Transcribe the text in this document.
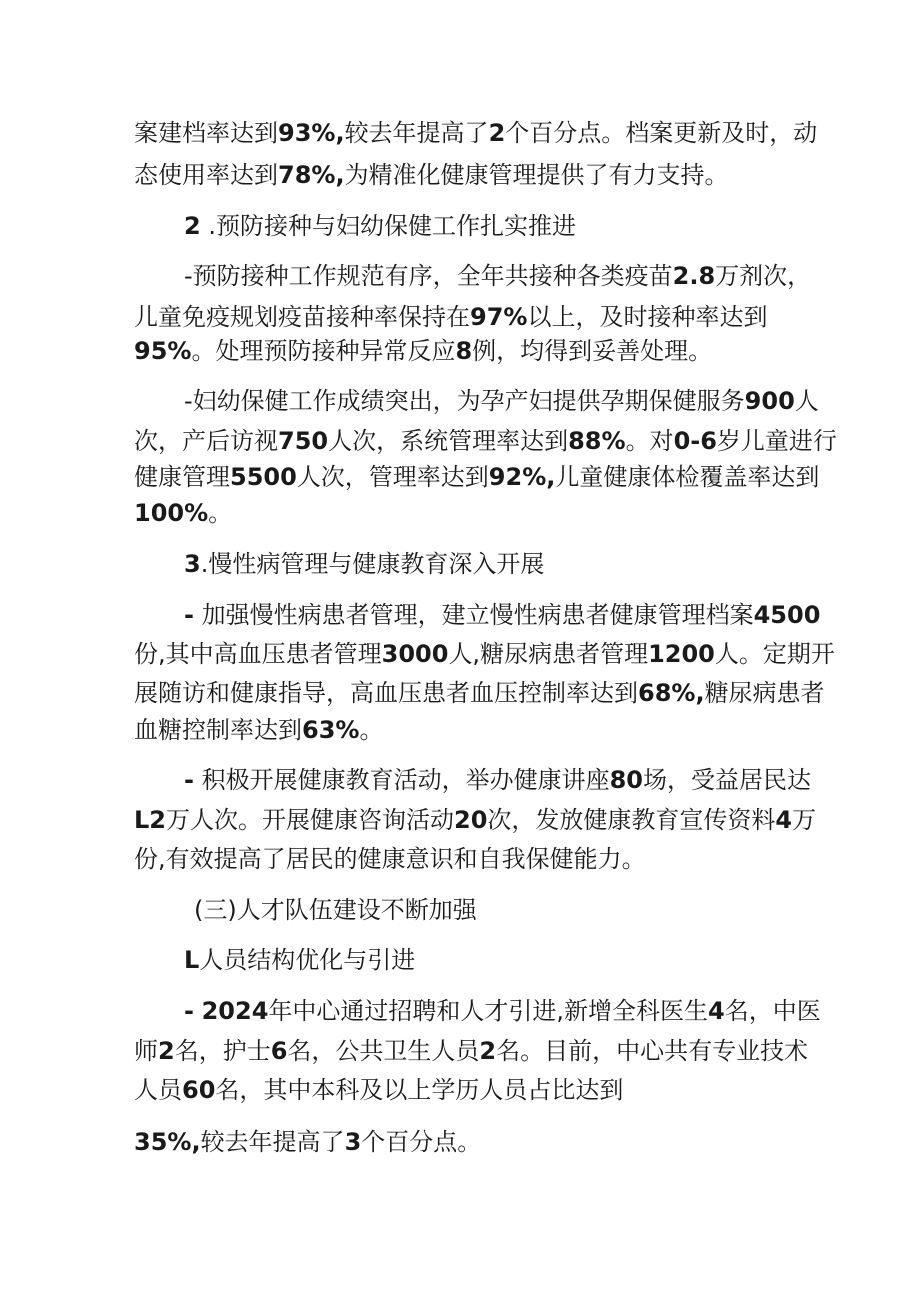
案建档率达到93%,较去年提高了2个百分点。档案更新及时，动

态使用率达到78%,为精准化健康管理提供了有力支持。

2 .预防接种与妇幼保健工作扎实推进

-预防接种工作规范有序，全年共接种各类疫苗2.8万剂次，

儿童免疫规划疫苗接种率保持在97%以上，及时接种率达到

95%。处理预防接种异常反应8例，均得到妥善处理。

-妇幼保健工作成绩突出，为孕产妇提供孕期保健服务900人

次，产后访视750人次，系统管理率达到88%。对0-6岁儿童进行

健康管理5500人次，管理率达到92%,儿童健康体检覆盖率达到

100%。

3.慢性病管理与健康教育深入开展

- 加强慢性病患者管理，建立慢性病患者健康管理档案4500

份,其中高血压患者管理3000人,糖尿病患者管理1200人。定期开

展随访和健康指导，高血压患者血压控制率达到68%,糖尿病患者

血糖控制率达到63%。

- 积极开展健康教育活动，举办健康讲座80场，受益居民达

L2万人次。开展健康咨询活动20次，发放健康教育宣传资料4万

份,有效提高了居民的健康意识和自我保健能力。

(三)人才队伍建设不断加强

L人员结构优化与引进

- 2024年中心通过招聘和人才引进,新增全科医生4名，中医

师2名，护士6名，公共卫生人员2名。目前，中心共有专业技术

人员60名，其中本科及以上学历人员占比达到

35%,较去年提高了3个百分点。
